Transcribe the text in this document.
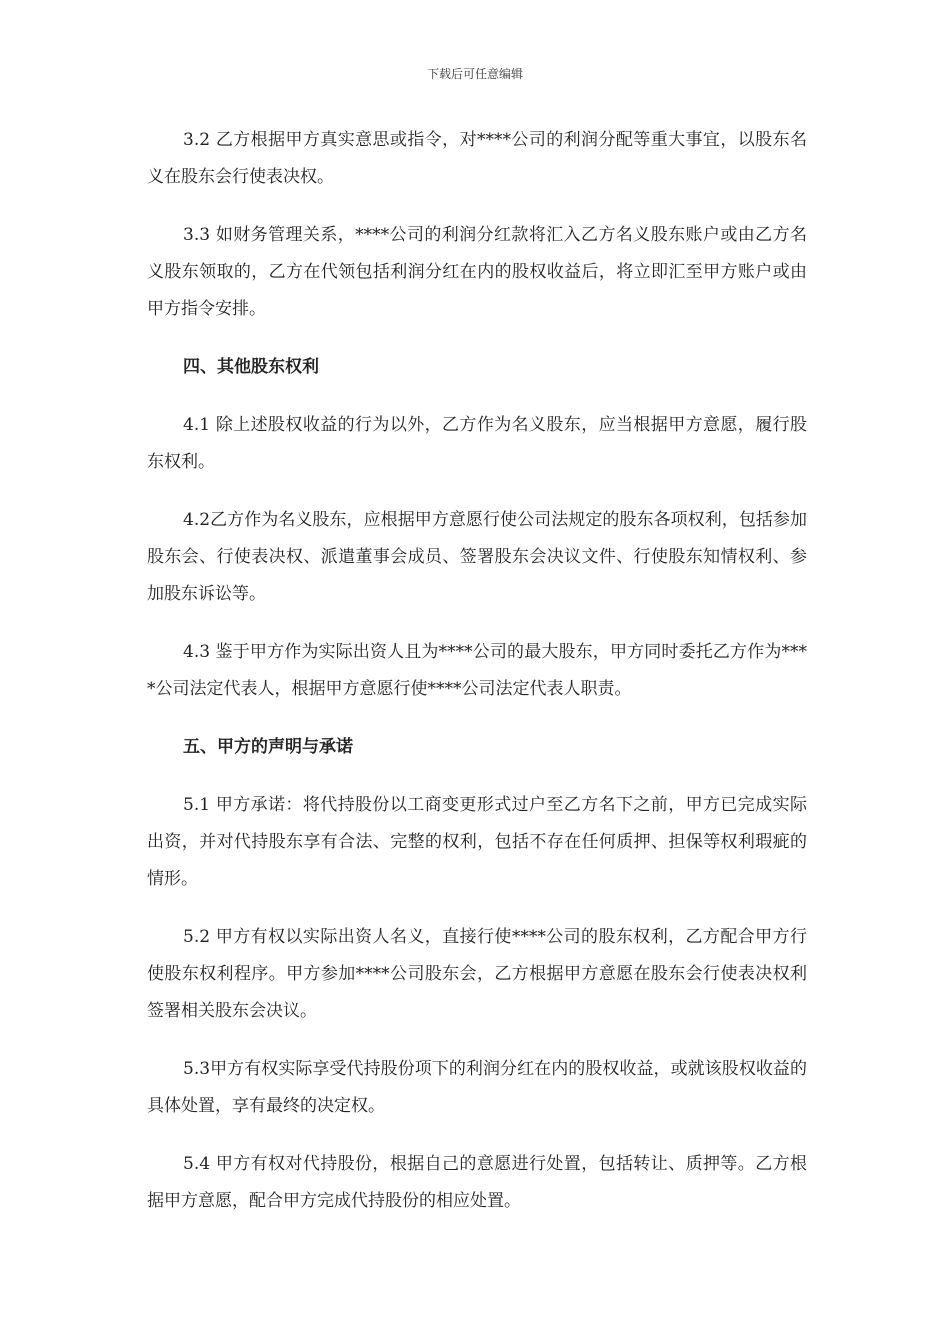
下载后可任意编辑

3.2 乙方根据甲方真实意思或指令，对****公司的利润分配等重大事宜，以股东名义在股东会行使表决权。

3.3 如财务管理关系，****公司的利润分红款将汇入乙方名义股东账户或由乙方名义股东领取的，乙方在代领包括利润分红在内的股权收益后，将立即汇至甲方账户或由甲方指令安排。

四、其他股东权利

4.1 除上述股权收益的行为以外，乙方作为名义股东，应当根据甲方意愿，履行股东权利。

4.2乙方作为名义股东，应根据甲方意愿行使公司法规定的股东各项权利，包括参加股东会、行使表决权、派遣董事会成员、签署股东会决议文件、行使股东知情权利、参加股东诉讼等。

4.3 鉴于甲方作为实际出资人且为****公司的最大股东，甲方同时委托乙方作为****公司法定代表人，根据甲方意愿行使****公司法定代表人职责。

五、甲方的声明与承诺

5.1 甲方承诺：将代持股份以工商变更形式过户至乙方名下之前，甲方已完成实际出资，并对代持股东享有合法、完整的权利，包括不存在任何质押、担保等权利瑕疵的情形。

5.2 甲方有权以实际出资人名义，直接行使****公司的股东权利，乙方配合甲方行使股东权利程序。甲方参加****公司股东会，乙方根据甲方意愿在股东会行使表决权利签署相关股东会决议。

5.3甲方有权实际享受代持股份项下的利润分红在内的股权收益，或就该股权收益的具体处置，享有最终的决定权。

5.4 甲方有权对代持股份，根据自己的意愿进行处置，包括转让、质押等。乙方根据甲方意愿，配合甲方完成代持股份的相应处置。
